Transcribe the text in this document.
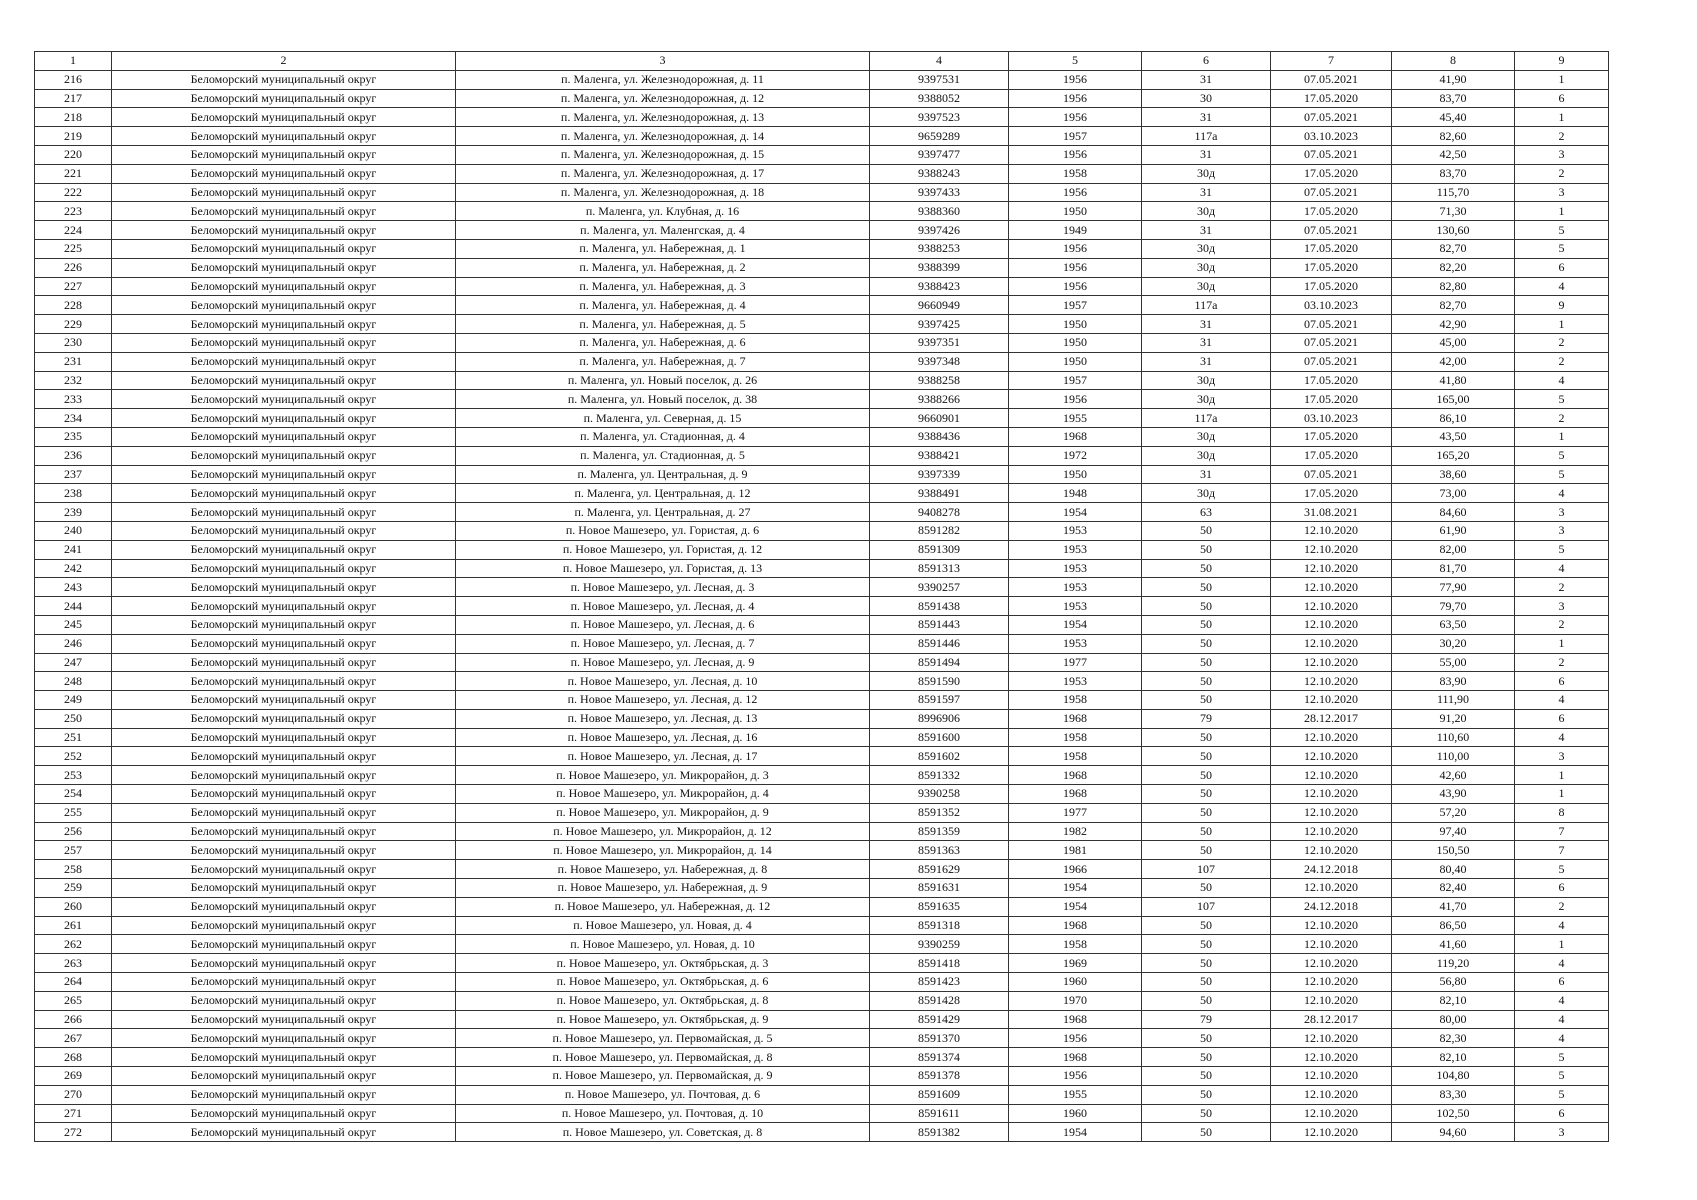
1	2	3	4	5	6	7	8	9
216	Беломорский муниципальный округ	п. Маленга, ул. Железнодорожная, д. 11	9397531	1956	31	07.05.2021	41,90	1
217	Беломорский муниципальный округ	п. Маленга, ул. Железнодорожная, д. 12	9388052	1956	30	17.05.2020	83,70	6
218	Беломорский муниципальный округ	п. Маленга, ул. Железнодорожная, д. 13	9397523	1956	31	07.05.2021	45,40	1
219	Беломорский муниципальный округ	п. Маленга, ул. Железнодорожная, д. 14	9659289	1957	117а	03.10.2023	82,60	2
220	Беломорский муниципальный округ	п. Маленга, ул. Железнодорожная, д. 15	9397477	1956	31	07.05.2021	42,50	3
221	Беломорский муниципальный округ	п. Маленга, ул. Железнодорожная, д. 17	9388243	1958	30д	17.05.2020	83,70	2
222	Беломорский муниципальный округ	п. Маленга, ул. Железнодорожная, д. 18	9397433	1956	31	07.05.2021	115,70	3
223	Беломорский муниципальный округ	п. Маленга, ул. Клубная, д. 16	9388360	1950	30д	17.05.2020	71,30	1
224	Беломорский муниципальный округ	п. Маленга, ул. Маленгская, д. 4	9397426	1949	31	07.05.2021	130,60	5
225	Беломорский муниципальный округ	п. Маленга, ул. Набережная, д. 1	9388253	1956	30д	17.05.2020	82,70	5
226	Беломорский муниципальный округ	п. Маленга, ул. Набережная, д. 2	9388399	1956	30д	17.05.2020	82,20	6
227	Беломорский муниципальный округ	п. Маленга, ул. Набережная, д. 3	9388423	1956	30д	17.05.2020	82,80	4
228	Беломорский муниципальный округ	п. Маленга, ул. Набережная, д. 4	9660949	1957	117а	03.10.2023	82,70	9
229	Беломорский муниципальный округ	п. Маленга, ул. Набережная, д. 5	9397425	1950	31	07.05.2021	42,90	1
230	Беломорский муниципальный округ	п. Маленга, ул. Набережная, д. 6	9397351	1950	31	07.05.2021	45,00	2
231	Беломорский муниципальный округ	п. Маленга, ул. Набережная, д. 7	9397348	1950	31	07.05.2021	42,00	2
232	Беломорский муниципальный округ	п. Маленга, ул. Новый поселок, д. 26	9388258	1957	30д	17.05.2020	41,80	4
233	Беломорский муниципальный округ	п. Маленга, ул. Новый поселок, д. 38	9388266	1956	30д	17.05.2020	165,00	5
234	Беломорский муниципальный округ	п. Маленга, ул. Северная, д. 15	9660901	1955	117а	03.10.2023	86,10	2
235	Беломорский муниципальный округ	п. Маленга, ул. Стадионная, д. 4	9388436	1968	30д	17.05.2020	43,50	1
236	Беломорский муниципальный округ	п. Маленга, ул. Стадионная, д. 5	9388421	1972	30д	17.05.2020	165,20	5
237	Беломорский муниципальный округ	п. Маленга, ул. Центральная, д. 9	9397339	1950	31	07.05.2021	38,60	5
238	Беломорский муниципальный округ	п. Маленга, ул. Центральная, д. 12	9388491	1948	30д	17.05.2020	73,00	4
239	Беломорский муниципальный округ	п. Маленга, ул. Центральная, д. 27	9408278	1954	63	31.08.2021	84,60	3
240	Беломорский муниципальный округ	п. Новое Машезеро, ул. Гористая, д. 6	8591282	1953	50	12.10.2020	61,90	3
241	Беломорский муниципальный округ	п. Новое Машезеро, ул. Гористая, д. 12	8591309	1953	50	12.10.2020	82,00	5
242	Беломорский муниципальный округ	п. Новое Машезеро, ул. Гористая, д. 13	8591313	1953	50	12.10.2020	81,70	4
243	Беломорский муниципальный округ	п. Новое Машезеро, ул. Лесная, д. 3	9390257	1953	50	12.10.2020	77,90	2
244	Беломорский муниципальный округ	п. Новое Машезеро, ул. Лесная, д. 4	8591438	1953	50	12.10.2020	79,70	3
245	Беломорский муниципальный округ	п. Новое Машезеро, ул. Лесная, д. 6	8591443	1954	50	12.10.2020	63,50	2
246	Беломорский муниципальный округ	п. Новое Машезеро, ул. Лесная, д. 7	8591446	1953	50	12.10.2020	30,20	1
247	Беломорский муниципальный округ	п. Новое Машезеро, ул. Лесная, д. 9	8591494	1977	50	12.10.2020	55,00	2
248	Беломорский муниципальный округ	п. Новое Машезеро, ул. Лесная, д. 10	8591590	1953	50	12.10.2020	83,90	6
249	Беломорский муниципальный округ	п. Новое Машезеро, ул. Лесная, д. 12	8591597	1958	50	12.10.2020	111,90	4
250	Беломорский муниципальный округ	п. Новое Машезеро, ул. Лесная, д. 13	8996906	1968	79	28.12.2017	91,20	6
251	Беломорский муниципальный округ	п. Новое Машезеро, ул. Лесная, д. 16	8591600	1958	50	12.10.2020	110,60	4
252	Беломорский муниципальный округ	п. Новое Машезеро, ул. Лесная, д. 17	8591602	1958	50	12.10.2020	110,00	3
253	Беломорский муниципальный округ	п. Новое Машезеро, ул. Микрорайон, д. 3	8591332	1968	50	12.10.2020	42,60	1
254	Беломорский муниципальный округ	п. Новое Машезеро, ул. Микрорайон, д. 4	9390258	1968	50	12.10.2020	43,90	1
255	Беломорский муниципальный округ	п. Новое Машезеро, ул. Микрорайон, д. 9	8591352	1977	50	12.10.2020	57,20	8
256	Беломорский муниципальный округ	п. Новое Машезеро, ул. Микрорайон, д. 12	8591359	1982	50	12.10.2020	97,40	7
257	Беломорский муниципальный округ	п. Новое Машезеро, ул. Микрорайон, д. 14	8591363	1981	50	12.10.2020	150,50	7
258	Беломорский муниципальный округ	п. Новое Машезеро, ул. Набережная, д. 8	8591629	1966	107	24.12.2018	80,40	5
259	Беломорский муниципальный округ	п. Новое Машезеро, ул. Набережная, д. 9	8591631	1954	50	12.10.2020	82,40	6
260	Беломорский муниципальный округ	п. Новое Машезеро, ул. Набережная, д. 12	8591635	1954	107	24.12.2018	41,70	2
261	Беломорский муниципальный округ	п. Новое Машезеро, ул. Новая, д. 4	8591318	1968	50	12.10.2020	86,50	4
262	Беломорский муниципальный округ	п. Новое Машезеро, ул. Новая, д. 10	9390259	1958	50	12.10.2020	41,60	1
263	Беломорский муниципальный округ	п. Новое Машезеро, ул. Октябрьская, д. 3	8591418	1969	50	12.10.2020	119,20	4
264	Беломорский муниципальный округ	п. Новое Машезеро, ул. Октябрьская, д. 6	8591423	1960	50	12.10.2020	56,80	6
265	Беломорский муниципальный округ	п. Новое Машезеро, ул. Октябрьская, д. 8	8591428	1970	50	12.10.2020	82,10	4
266	Беломорский муниципальный округ	п. Новое Машезеро, ул. Октябрьская, д. 9	8591429	1968	79	28.12.2017	80,00	4
267	Беломорский муниципальный округ	п. Новое Машезеро, ул. Первомайская, д. 5	8591370	1956	50	12.10.2020	82,30	4
268	Беломорский муниципальный округ	п. Новое Машезеро, ул. Первомайская, д. 8	8591374	1968	50	12.10.2020	82,10	5
269	Беломорский муниципальный округ	п. Новое Машезеро, ул. Первомайская, д. 9	8591378	1956	50	12.10.2020	104,80	5
270	Беломорский муниципальный округ	п. Новое Машезеро, ул. Почтовая, д. 6	8591609	1955	50	12.10.2020	83,30	5
271	Беломорский муниципальный округ	п. Новое Машезеро, ул. Почтовая, д. 10	8591611	1960	50	12.10.2020	102,50	6
272	Беломорский муниципальный округ	п. Новое Машезеро, ул. Советская, д. 8	8591382	1954	50	12.10.2020	94,60	3
